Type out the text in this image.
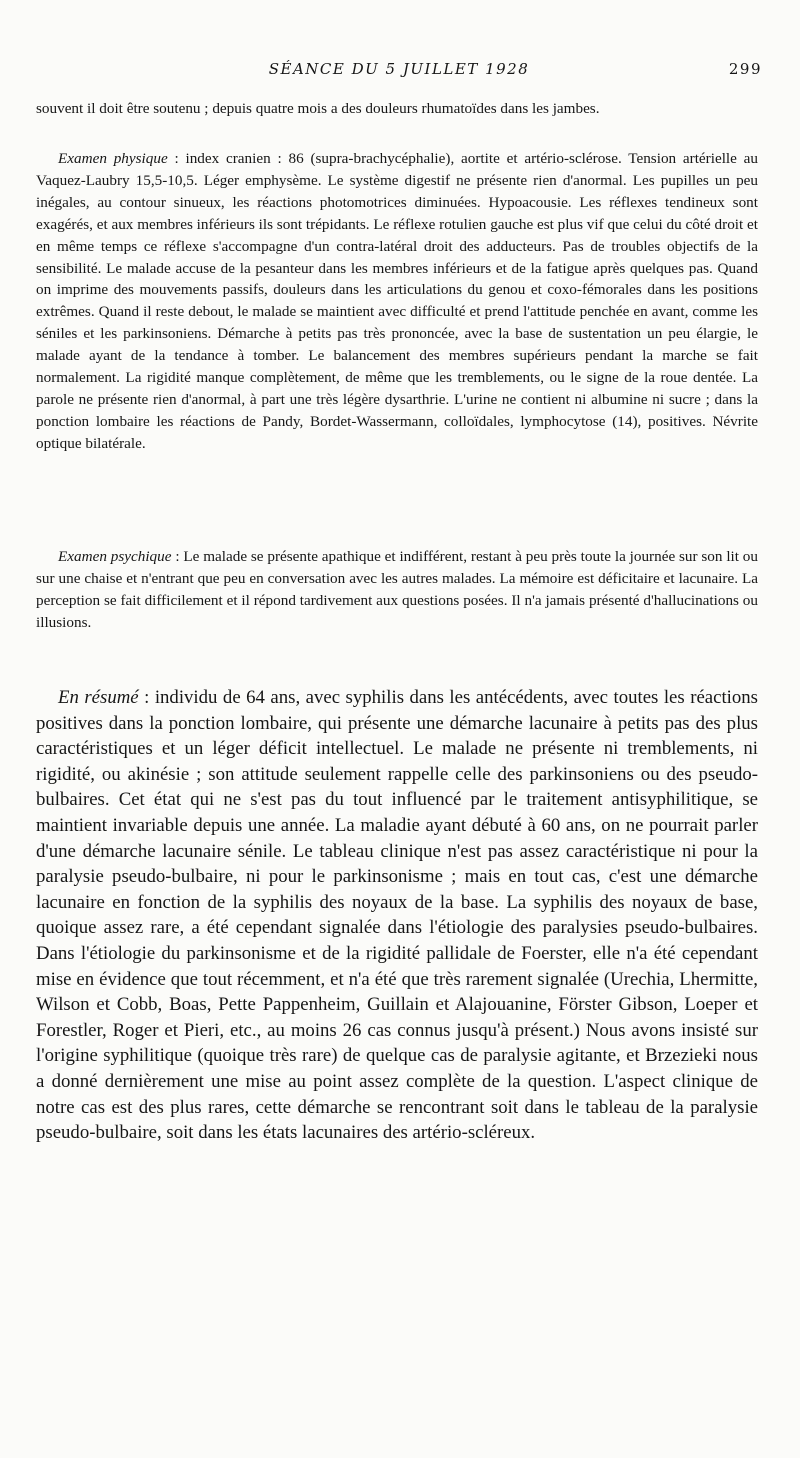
SÉANCE DU 5 JUILLET 1928	299

souvent il doit être soutenu ; depuis quatre mois a des douleurs rhumatoïdes dans les jambes.

Examen physique : index cranien : 86 (supra-brachycéphalie), aortite et artério-sclérose. Tension artérielle au Vaquez-Laubry 15,5-10,5. Léger emphysème. Le système digestif ne présente rien d'anormal. Les pupilles un peu inégales, au contour sinueux, les réactions photomotrices diminuées. Hypoacousie. Les réflexes tendineux sont exagérés, et aux membres inférieurs ils sont trépidants. Le réflexe rotulien gauche est plus vif que celui du côté droit et en même temps ce réflexe s'accompagne d'un contra-latéral droit des adducteurs. Pas de troubles objectifs de la sensibilité. Le malade accuse de la pesanteur dans les membres inférieurs et de la fatigue après quelques pas. Quand on imprime des mouvements passifs, douleurs dans les articulations du genou et coxo-fémorales dans les positions extrêmes. Quand il reste debout, le malade se maintient avec difficulté et prend l'attitude penchée en avant, comme les séniles et les parkinsoniens. Démarche à petits pas très prononcée, avec la base de sustentation un peu élargie, le malade ayant de la tendance à tomber. Le balancement des membres supérieurs pendant la marche se fait normalement. La rigidité manque complètement, de même que les tremblements, ou le signe de la roue dentée. La parole ne présente rien d'anormal, à part une très légère dysarthrie. L'urine ne contient ni albumine ni sucre ; dans la ponction lombaire les réactions de Pandy, Bordet-Wassermann, colloïdales, lymphocytose (14), positives. Névrite optique bilatérale.

Examen psychique : Le malade se présente apathique et indifférent, restant à peu près toute la journée sur son lit ou sur une chaise et n'entrant que peu en conversation avec les autres malades. La mémoire est déficitaire et lacunaire. La perception se fait difficilement et il répond tardivement aux questions posées. Il n'a jamais présenté d'hallucinations ou illusions.

En résumé : individu de 64 ans, avec syphilis dans les antécédents, avec toutes les réactions positives dans la ponction lombaire, qui présente une démarche lacunaire à petits pas des plus caractéristiques et un léger déficit intellectuel. Le malade ne présente ni tremblements, ni rigidité, ou akinésie ; son attitude seulement rappelle celle des parkinsoniens ou des pseudo-bulbaires. Cet état qui ne s'est pas du tout influencé par le traitement antisyphilitique, se maintient invariable depuis une année. La maladie ayant débuté à 60 ans, on ne pourrait parler d'une démarche lacunaire sénile. Le tableau clinique n'est pas assez caractéristique ni pour la paralysie pseudo-bulbaire, ni pour le parkinsonisme ; mais en tout cas, c'est une démarche lacunaire en fonction de la syphilis des noyaux de la base. La syphilis des noyaux de base, quoique assez rare, a été cependant signalée dans l'étiologie des paralysies pseudo-bulbaires. Dans l'étiologie du parkinsonisme et de la rigidité pallidale de Foerster, elle n'a été cependant mise en évidence que tout récemment, et n'a été que très rarement signalée (Urechia, Lhermitte, Wilson et Cobb, Boas, Pette Pappenheim, Guillain et Alajouanine, Förster Gibson, Loeper et Forestler, Roger et Pieri, etc., au moins 26 cas connus jusqu'à présent.) Nous avons insisté sur l'origine syphilitique (quoique très rare) de quelque cas de paralysie agitante, et Brzezieki nous a donné dernièrement une mise au point assez complète de la question. L'aspect clinique de notre cas est des plus rares, cette démarche se rencontrant soit dans le tableau de la paralysie pseudo-bulbaire, soit dans les états lacunaires des artério-scléreux.
